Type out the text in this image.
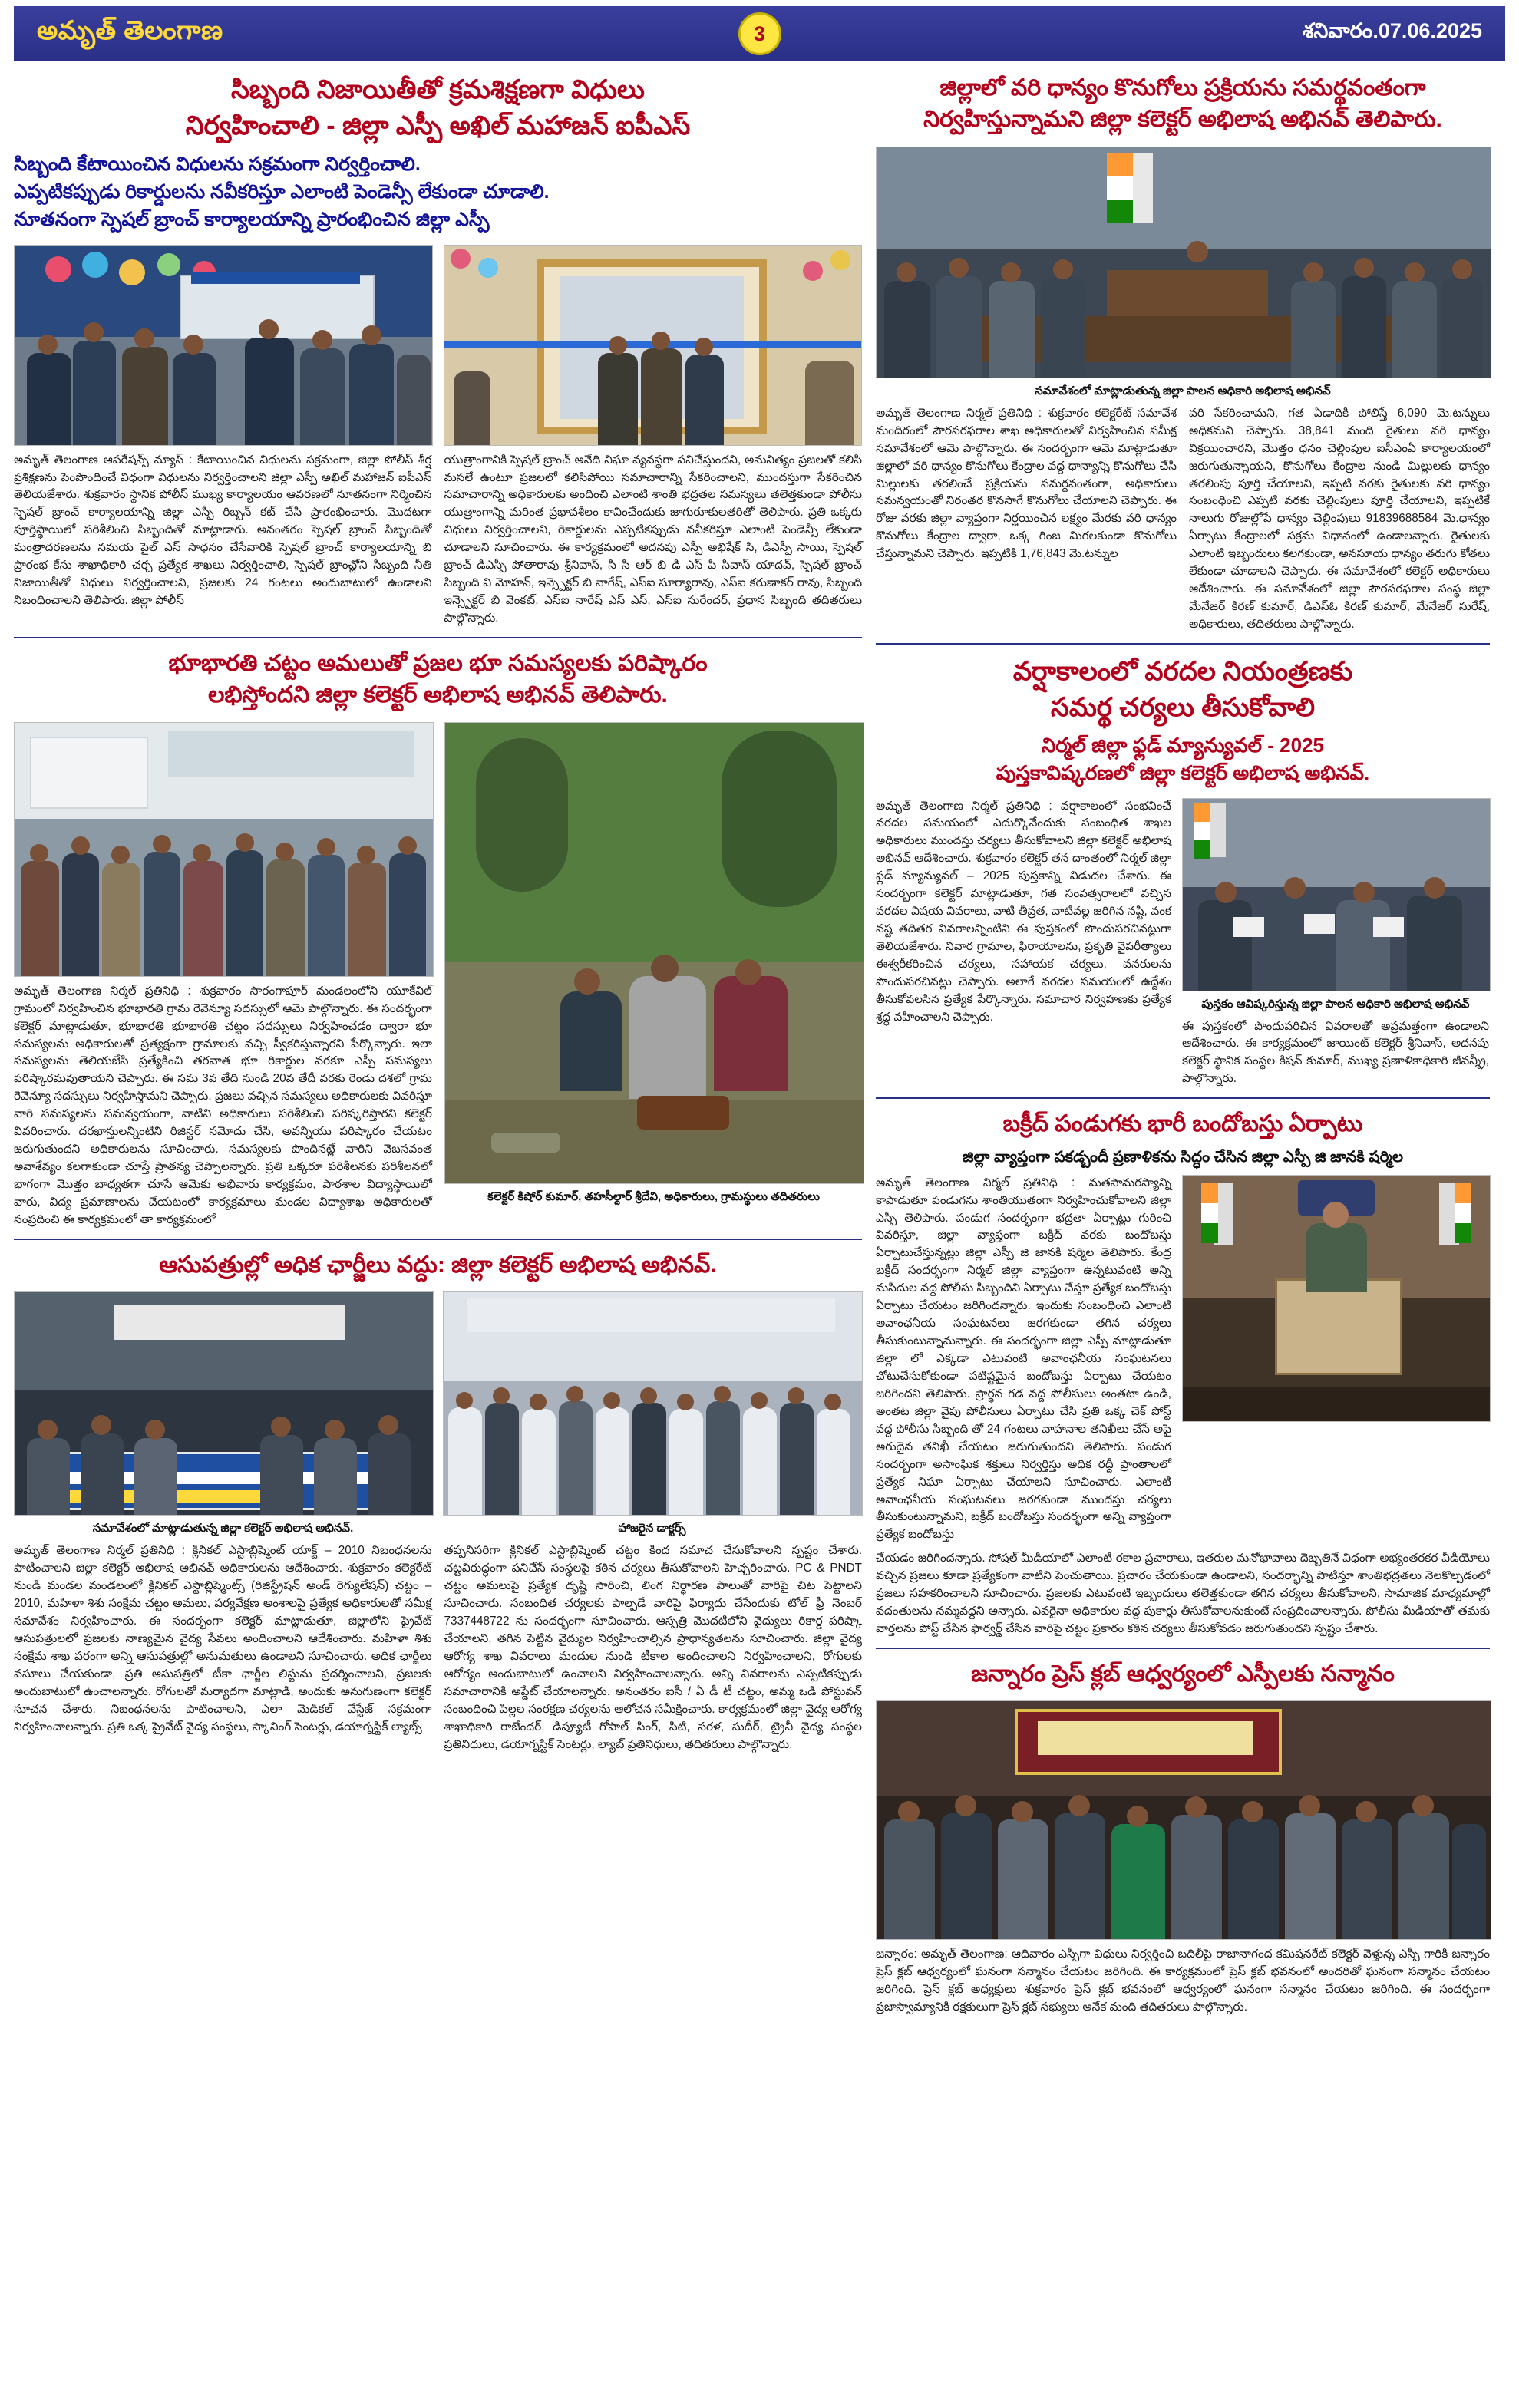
అమృత్ తెలంగాణ	3	శనివారం.07.06.2025
సిబ్బంది నిజాయితీతో క్రమశిక్షణగా విధులు
నిర్వహించాలి - జిల్లా ఎస్పీ అఖిల్ మహాజన్ ఐపీఎస్
సిబ్బంది కేటాయించిన విధులను సక్రమంగా నిర్వర్తించాలి.
ఎప్పటికప్పుడు రికార్డులను నవీకరిస్తూ ఎలాంటి పెండెన్సీ లేకుండా చూడాలి.
నూతనంగా స్పెషల్ బ్రాంచ్ కార్యాలయాన్ని ప్రారంభించిన జిల్లా ఎస్పీ
అమృత్ తెలంగాణ ఆపరేషన్స్ న్యూస్ : కేటాయించిన విధులను సక్రమంగా, జిల్లా పోలీస్ శీర్ష ప్రశిక్షణను పెంపొందించే విధంగా విధులను నిర్వర్తించాలని జిల్లా ఎస్పీ అఖిల్ మహాజన్ ఐపీఎస్ తెలియజేశారు. శుక్రవారం స్థానిక పోలీస్ ముఖ్య కార్యాలయం ఆవరణలో నూతనంగా నిర్మించిన స్పెషల్ బ్రాంచ్ కార్యాలయాన్ని జిల్లా ఎస్పీ రిబ్బన్ కట్ చేసి ప్రారంభించారు. మొదటగా పూర్తిస్థాయిలో పరిశీలించి సిబ్బందితో మాట్లాడారు. అనంతరం స్పెషల్ బ్రాంచ్ సిబ్బందితో మంత్రాదరణలను నమయ పైల్ ఎస్ సాధనం చేసేవారికి స్పెషల్ బ్రాంచ్ కార్యాలయాన్ని బి ప్రారంభ కేసు శాఖాధికారి చర్చ ప్రత్యేక శాఖలు నిర్వర్తించాలి, స్పెషల్ బ్రాంచ్లోని సిబ్బంది నీతి నిజాయితీతో విధులు నిర్వర్తించాలని, ప్రజలకు 24 గంటలు అందుబాటులో ఉండాలని నిబంధించాలని తెలిపారు. జిల్లా పోలీస్
యుత్రాంగానికి స్పెషల్ బ్రాంచ్ అనేది నిఘా వ్యవస్థగా పనిచేస్తుందని, అనునిత్యం ప్రజలతో కలిసి మసలే ఉంటూ ప్రజలలో కలిసిపోయి సమాచారాన్ని సేకరించాలని, ముందస్తుగా సేకరించిన సమాచారాన్ని అధికారులకు అందించి ఎలాంటి శాంతి భద్రతల సమస్యలు తలెత్తకుండా పోలీసు యుత్రాంగాన్ని మరింత ప్రభావశీలం కావించేందుకు జాగురూకులతరితో తెలిపారు. ప్రతి ఒక్కరు విధులు నిర్వర్తించాలని, రికార్డులను ఎప్పటికప్పుడు నవీకరిస్తూ ఎలాంటి పెండెన్సీ లేకుండా చూడాలని సూచించారు. ఈ కార్యక్రమంలో అదనపు ఎస్పీ అభిషేక్ సి, డిఎస్పీ సాయి, స్పెషల్ బ్రాంచ్ డిఎస్పీ పోతారావు శ్రీనివాస్, సి సి ఆర్ బి డి ఎస్ పి సివాస్ యాదవ్, స్పెషల్ బ్రాంచ్ సిబ్బంది వి మోహన్, ఇన్స్పెక్టర్ బి నాగేష్, ఎస్ఐ సూర్యారావు, ఎస్ఐ కరుణాకర్ రావు, సిబ్బంది ఇన్స్పెక్టర్ బి వెంకట్, ఎస్ఐ నారేష్ ఎస్ ఎస్, ఎస్ఐ సురేందర్, ప్రధాన సిబ్బంది తదితరులు పాల్గొన్నారు.
భూభారతి చట్టం అమలుతో ప్రజల భూ సమస్యలకు పరిష్కారం
లభిస్తోందని జిల్లా కలెక్టర్ అభిలాష అభినవ్ తెలిపారు.
అమృత్ తెలంగాణ నిర్మల్ ప్రతినిధి : శుక్రవారం సారంగాపూర్ మండలంలోని యూకేవిల్ గ్రామంలో నిర్వహించిన భూభారతి గ్రామ రెవెన్యూ సదస్సులో ఆమె పాల్గొన్నారు. ఈ సందర్భంగా కలెక్టర్ మాట్లాడుతూ, భూభారతి భూభారతి చట్టం సదస్సులు నిర్వహించడం ద్వారా భూ సమస్యలను అధికారులతో ప్రత్యక్షంగా గ్రామాలకు వచ్చి స్వీకరిస్తున్నారని పేర్కొన్నారు. ఇలా సమస్యలను తెలియజేసి ప్రత్యేకించి తరవాత భూ రికార్డుల వరకూ ఎస్పీ సమస్యలు పరిష్కారమవుతాయని చెప్పారు. ఈ సమ 3వ తేది నుండి 20వ తేదీ వరకు రెండు దశలో గ్రామ రెవెన్యూ సదస్సులు నిర్వహిస్తామని చెప్పారు. ప్రజలు వచ్చిన సమస్యలు అధికారులకు వివరిస్తూ వారి సమస్యలను సమన్వయంగా, వాటిని అధికారులు పరిశీలించి పరిష్కరిస్తారని కలెక్టర్ వివరించారు. దరఖాస్తులన్నింటిని రిజిస్టర్ నమోదు చేసి, అవన్నియు పరిష్కారం చేయటం జరుగుతుందని అధికారులను సూచించారు. సమస్యలకు పొందినట్లే వారిని వెబసవంత అవాశేవ్యం కలగాకుండా చూస్తే ప్రాతన్య చెప్పాలన్నారు. ప్రతి ఒక్కరూ పరిశీలనకు పరిశీలనలో భాగంగా మొత్తం బాధ్యతగా చూసే ఆమెకు అభివారు కార్యక్రమం, పాఠశాల విద్యాస్థాయిలో వారు, విద్య ప్రమాణాలను చేయటంలో కార్యక్రమాలు మండల విద్యాశాఖ అధికారులతో సంప్రదించి ఈ కార్యక్రమంలో తా కార్యక్రమంలో
కలెక్టర్ కిషోర్ కుమార్, తహసీల్దార్ శ్రీదేవి, అధికారులు, గ్రామస్థులు తదితరులు
ఆసుపత్రుల్లో అధిక ఛార్జీలు వద్దు: జిల్లా కలెక్టర్ అభిలాష అభినవ్.
సమావేశంలో మాట్లాడుతున్న జిల్లా కలెక్టర్ అభిలాష అభినవ్.	హాజరైన డాక్టర్స్
అమృత్ తెలంగాణ నిర్మల్ ప్రతినిధి : క్లినికల్ ఎస్టాబ్లిష్మెంట్ యాక్ట్ – 2010 నిబంధనలను పాటించాలని జిల్లా కలెక్టర్ అభిలాష అభినవ్ అధికారులను ఆదేశించారు. శుక్రవారం కలెక్టరేట్ నుండి మండల మండలంలో క్లినికల్ ఎస్టాబ్లిష్మెంట్స్ (రిజిస్ట్రేషన్ అండ్ రెగ్యులేషన్) చట్టం – 2010, మహిళా శిశు సంక్షేమ చట్టం అమలు, పర్యవేక్షణ అంశాలపై ప్రత్యేక అధికారులతో సమీక్ష సమావేశం నిర్వహించారు. ఈ సందర్భంగా కలెక్టర్ మాట్లాడుతూ, జిల్లాలోని ప్రైవేట్ ఆసుపత్రులలో ప్రజలకు నాణ్యమైన వైద్య సేవలు అందించాలని ఆదేశించారు. మహిళా శిశు సంక్షేమ శాఖ పరంగా అన్ని ఆసుపత్రుల్లో అనుమతులు ఉండాలని సూచించారు. అధిక ఛార్జీలు వసూలు చేయకుండా, ప్రతి ఆసుపత్రిలో టీకా ఛార్జీల లిస్టును ప్రదర్శించాలని, ప్రజలకు అందుబాటులో ఉంచాలన్నారు. రోగులతో మర్యాదగా మాట్లాడి, అందుకు అనుగుణంగా కలెక్టర్ సూచన చేశారు. నిబంధనలను పాటించాలని, ఎలా మెడికల్ వేస్టేజ్ సక్రమంగా నిర్వహించాలన్నారు. ప్రతి ఒక్క ప్రైవేట్ వైద్య సంస్థలు, స్కానింగ్ సెంటర్లు, డయాగ్నస్టిక్ ల్యాబ్స్
తప్పనిసరిగా క్లినికల్ ఎస్టాబ్లిష్మెంట్ చట్టం కింద సమాచ చేసుకోవాలని స్పష్టం చేశారు. చట్టవిరుద్ధంగా పనిచేసే సంస్థలపై కఠిన చర్యలు తీసుకోవాలని హెచ్చరించారు. PC & PNDT చట్టం అమలుపై ప్రత్యేక దృష్టి సారించి, లింగ నిర్ధారణ పాలుతో వారిపై చిట పెట్టాలని సూచించారు. సంబంధిత చర్యలకు పాల్పడే వారిపై ఫిర్యాదు చేసేందుకు టోల్ ఫ్రీ నెంబర్ 7337448722 ను సందర్భంగా సూచించారు. ఆస్పత్రి మొదటిలోని వైద్యులు రికార్డ పరిష్కా చేయాలని, తగిన పెట్టిన వైద్యుల నిర్వహించాల్సిన ప్రాధాన్యతలను సూచించారు. జిల్లా వైద్య ఆరోగ్య శాఖ వివరాలు మందుల నుండి టీకాల అందించాలని నిర్వహించాలని, రోగులకు ఆరోగ్యం అందుబాటులో ఉంచాలని నిర్వహించాలన్నారు. అన్ని వివరాలను ఎప్పటికప్పుడు సమాచారానికి అప్డేట్ చేయాలన్నారు. అనంతరం ఐసీ / ఏ డీ టీ చట్టం, అమ్మ ఒడి పోస్టువన్ సంబంధించి పిల్లల సంరక్షణ చర్యలను ఆలోచన సమీక్షించారు. కార్యక్రమంలో జిల్లా వైద్య ఆరోగ్య శాఖాధికారి రాజేందర్, డిప్యూటీ గోపాల్ సింగ్, సిటి, సరళ, సుదీర్, ట్రైనీ వైద్య సంస్థల ప్రతినిధులు, డయాగ్నస్టిక్ సెంటర్లు, ల్యాబ్ ప్రతినిధులు, తదితరులు పాల్గొన్నారు.
జిల్లాలో వరి ధాన్యం కొనుగోలు ప్రక్రియను సమర్థవంతంగా
నిర్వహిస్తున్నామని జిల్లా కలెక్టర్ అభిలాష అభినవ్ తెలిపారు.
సమావేశంలో మాట్లాడుతున్న జిల్లా పాలన అధికారి అభిలాష అభినవ్
అమృత్ తెలంగాణ నిర్మల్ ప్రతినిధి : శుక్రవారం కలెక్టరేట్ సమావేశ మందిరంలో పౌరసరఫరాల శాఖ అధికారులతో నిర్వహించిన సమీక్ష సమావేశంలో ఆమె పాల్గొన్నారు. ఈ సందర్భంగా ఆమె మాట్లాడుతూ జిల్లాలో వరి ధాన్యం కొనుగోలు కేంద్రాల వద్ద ధాన్యాన్ని కొనుగోలు చేసి మిల్లులకు తరలించే ప్రక్రియను సమర్ధవంతంగా, అధికారులు సమన్వయంతో నిరంతర కొనసాగే కొనుగోలు చేయాలని చెప్పారు. ఈ రోజు వరకు జిల్లా వ్యాప్తంగా నిర్ణయించిన లక్ష్యం మేరకు వరి ధాన్యం కొనుగోలు కేంద్రాల ద్వారా, ఒక్క గింజ మిగలకుండా కొనుగోలు చేస్తున్నామని చెప్పారు. ఇప్పటికి 1,76,843 మె.టన్నుల
వరి సేకరించామని, గత ఏడాదికి పోలిస్తే 6,090 మె.టన్నులు అధికమని చెప్పారు. 38,841 మంది రైతులు వరి ధాన్యం విక్రయించారని, మొత్తం ధనం చెల్లింపుల ఐసీఎంఏ కార్యాలయంలో జరుగుతున్నాయని, కొనుగోలు కేంద్రాల నుండి మిల్లులకు ధాన్యం తరలింపు పూర్తి చేయాలని, ఇప్పటి వరకు రైతులకు వరి ధాన్యం సంబంధించి ఎప్పటి వరకు చెల్లింపులు పూర్తి చేయాలని, ఇప్పటికే నాలుగు రోజుల్లోపే ధాన్యం చెల్లింపులు 91839688584 మె.ధాన్యం ఏర్పాటు కేంద్రాలలో సక్రమ విధానంలో ఉండాలన్నారు. రైతులకు ఎలాంటి ఇబ్బందులు కలగకుండా, అనసూయ ధాన్యం తరుగు కోతలు లేకుండా చూడాలని చెప్పారు. ఈ సమావేశంలో కలెక్టర్ అధికారులు ఆదేశించారు. ఈ సమావేశంలో జిల్లా పౌరసరఫరాల సంస్థ జిల్లా మేనేజర్ కిరణ్ కుమార్, డిఎస్ఓ కిరణ్ కుమార్, మేనేజర్ సురేష్, అధికారులు, తదితరులు పాల్గొన్నారు.
వర్షాకాలంలో వరదల నియంత్రణకు
సమర్థ చర్యలు తీసుకోవాలి
నిర్మల్ జిల్లా ఫ్లడ్ మ్యాన్యువల్ - 2025
పుస్తకావిష్కరణలో జిల్లా కలెక్టర్ అభిలాష అభినవ్.
అమృత్ తెలంగాణ నిర్మల్ ప్రతినిధి : వర్షాకాలంలో సంభవించే వరదల సమయంలో ఎదుర్కొనేందుకు సంబంధిత శాఖల అధికారులు ముందస్తు చర్యలు తీసుకోవాలని జిల్లా కలెక్టర్ అభిలాష అభినవ్ ఆదేశించారు. శుక్రవారం కలెక్టర్ తన దాంతంలో నిర్మల్ జిల్లా ఫ్లడ్ మ్యాన్యువల్ – 2025 పుస్తకాన్ని విడుదల చేశారు. ఈ సందర్భంగా కలెక్టర్ మాట్లాడుతూ, గత సంవత్సరాలలో వచ్చిన వరదల విషయ వివరాలు, వాటి తీవ్రత, వాటివల్ల జరిగిన నష్టి, వంక నష్ట తదితర వివరాలన్నింటిని ఈ పుస్తకంలో పొందుపరచినట్లుగా తెలియజేశారు. నివార గ్రామాల, ఫిరాయాలను, ప్రకృతి వైపరీత్యాలు ఈశ్వరీకరించిన చర్యలు, సహాయక చర్యలు, వనరులను పొందుపరచినట్లు చెప్పారు. అలాగే వరదల సమయంలో ఉద్దేశం తీసుకోవలసిన ప్రత్యేక పేర్కొన్నారు. సమాచార నిర్వహణకు ప్రత్యేక శ్రద్ధ వహించాలని చెప్పారు.
పుస్తకం ఆవిష్కరిస్తున్న జిల్లా పాలన అధికారి అభిలాష అభినవ్
ఈ పుస్తకంలో పొందుపరిచిన వివరాలతో అప్రమత్తంగా ఉండాలని ఆదేశించారు. ఈ కార్యక్రమంలో జాయింట్ కలెక్టర్ శ్రీనివాస్, అదనపు కలెక్టర్ స్థానిక సంస్థల కిషన్ కుమార్, ముఖ్య ప్రణాళికాధికారి జీవన్శ్రీ, పాల్గొన్నారు.
బక్రీద్ పండుగకు భారీ బందోబస్తు ఏర్పాటు
జిల్లా వ్యాప్తంగా పకడ్బందీ ప్రణాళికను సిద్ధం చేసిన జిల్లా ఎస్పీ జి జానకి షర్మిల
అమృత్ తెలంగాణ నిర్మల్ ప్రతినిధి : మతసామరస్యాన్ని కాపాడుతూ పండుగను శాంతియుతంగా నిర్వహించుకోవాలని జిల్లా ఎస్పీ తెలిపారు. పండుగ సందర్భంగా భద్రతా ఏర్పాట్లు గురించి వివరిస్తూ, జిల్లా వ్యాప్తంగా బక్రీద్ వరకు బందోబస్తు ఏర్పాటుచేస్తున్నట్లు జిల్లా ఎస్పీ జి జానకి షర్మిల తెలిపారు. కేంద్ర బక్రీద్ సందర్భంగా నిర్మల్ జిల్లా వ్యాప్తంగా ఉన్నటువంటి అన్ని మసీదుల వద్ద పోలీసు సిబ్బందిని ఏర్పాటు చేస్తూ ప్రత్యేక బందోబస్తు ఏర్పాటు చేయటం జరిగిందన్నారు. ఇందుకు సంబంధించి ఎలాంటి అవాంఛనీయ సంఘటనలు జరగకుండా తగిన చర్యలు తీసుకుంటున్నామన్నారు. ఈ సందర్భంగా జిల్లా ఎస్పీ మాట్లాడుతూ జిల్లా లో ఎక్కడా ఎటువంటి అవాంఛనీయ సంఘటనలు చోటుచేసుకోకుండా పటిష్టమైన బందోబస్తు ఏర్పాటు చేయటం జరిగిందని తెలిపారు. ప్రార్థన గడ వద్ద పోలీసులు అంతటా ఉండి, అంతట జిల్లా వైపు పోలీసులు ఏర్పాటు చేసి ప్రతి ఒక్క చెక్ పోస్ట్ వద్ద పోలీసు సిబ్బంది తో 24 గంటలు వాహనాల తనిఖీలు చేసే అపై అరుదైన తనిఖీ చేయటం జరుగుతుందని తెలిపారు. పండుగ సందర్భంగా అసాంఘిక శక్తులు నిర్వర్తిస్తు అధిక రద్దీ ప్రాంతాలలో ప్రత్యేక నిఘా ఏర్పాటు చేయాలని సూచించారు. ఎలాంటి అవాంఛనీయ సంఘటనలు జరగకుండా ముందస్తు చర్యలు తీసుకుంటున్నామని, బక్రీద్ బందోబస్తు సందర్భంగా అన్ని వ్యాప్తంగా ప్రత్యేక బందోబస్తు
చేయడం జరిగిందన్నారు. సోషల్ మీడియాలో ఎలాంటి రకాల ప్రచారాలు, ఇతరుల మనోభావాలు దెబ్బతినే విధంగా అభ్యంతరకర వీడియోలు వచ్చిన ప్రజలు కూడా ప్రత్యేకంగా వాటిని పెంచుతాయి. ప్రచారం చేయకుండా ఉండాలని, సందర్భాన్ని పాటిస్తూ శాంతిభద్రతలు నెలకొల్పడంలో ప్రజలు సహకరించాలని సూచించారు. ప్రజలకు ఎటువంటి ఇబ్బందులు తలెత్తకుండా తగిన చర్యలు తీసుకోవాలని, సామాజిక మాధ్యమాల్లో వదంతులను నమ్మవద్దని అన్నారు. ఎవరైనా అధికారుల వద్ద పుకార్లు తీసుకోవాలనుకుంటే సంప్రదించాలన్నారు. పోలీసు మీడియాతో తమకు వార్తలను పోస్ట్ చేసిన ఫార్వర్డ్ చేసిన వారిపై చట్టం ప్రకారం కఠిన చర్యలు తీసుకోవడం జరుగుతుందని స్పష్టం చేశారు.
జన్నారం ప్రెస్ క్లబ్ ఆధ్వర్యంలో ఎస్పీలకు సన్మానం
జన్నారం: అమృత్ తెలంగాణ: ఆదివారం ఎస్పీగా విధులు నిర్వర్తించి బదిలీపై రాజానాగంద కమిషనరేట్ కలెక్టర్ వెళ్తున్న ఎస్పీ గారికి జన్నారం ప్రెస్ క్లబ్ ఆధ్వర్యంలో ఘనంగా సన్మానం చేయటం జరిగింది. ఈ కార్యక్రమంలో ప్రెస్ క్లబ్ భవనంలో అందరితో ఘనంగా సన్మానం చేయటం జరిగింది. ప్రెస్ క్లబ్ అధ్యక్షులు శుక్రవారం ప్రెస్ క్లబ్ భవనంలో ఆధ్వర్యంలో ఘనంగా సన్మానం చేయటం జరిగింది. ఈ సందర్భంగా ప్రజాస్వామ్యానికి రక్షకులుగా ప్రెస్ క్లబ్ సభ్యులు అనేక మంది తదితరులు పాల్గొన్నారు.
